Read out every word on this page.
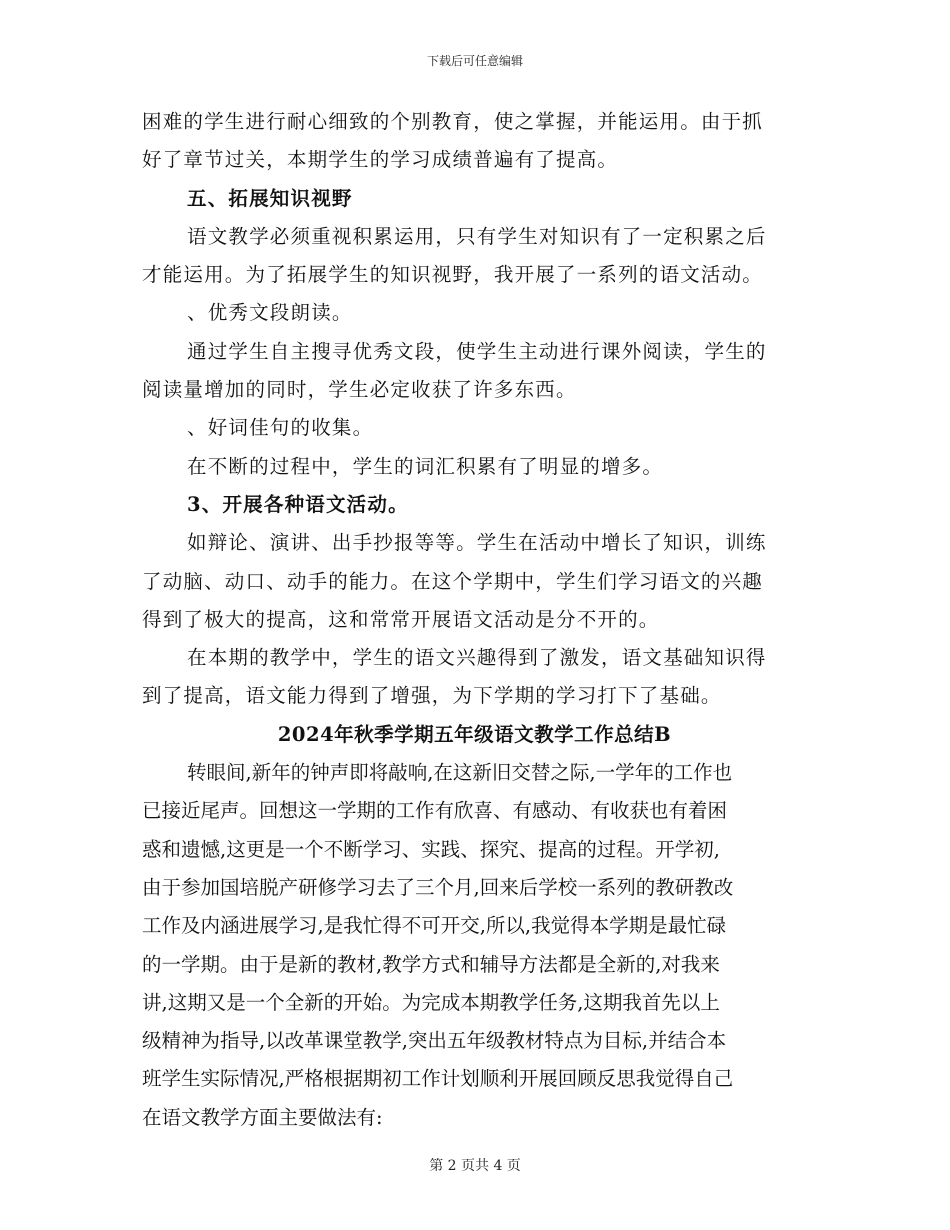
下载后可任意编辑
困难的学生进行耐心细致的个别教育，使之掌握，并能运用。由于抓
好了章节过关，本期学生的学习成绩普遍有了提高。
五、拓展知识视野
语文教学必须重视积累运用，只有学生对知识有了一定积累之后
才能运用。为了拓展学生的知识视野，我开展了一系列的语文活动。
、优秀文段朗读。
通过学生自主搜寻优秀文段，使学生主动进行课外阅读，学生的
阅读量增加的同时，学生必定收获了许多东西。
、好词佳句的收集。
在不断的过程中，学生的词汇积累有了明显的增多。
3、开展各种语文活动。
如辩论、演讲、出手抄报等等。学生在活动中增长了知识，训练
了动脑、动口、动手的能力。在这个学期中，学生们学习语文的兴趣
得到了极大的提高，这和常常开展语文活动是分不开的。
在本期的教学中，学生的语文兴趣得到了激发，语文基础知识得
到了提高，语文能力得到了增强，为下学期的学习打下了基础。
2024年秋季学期五年级语文教学工作总结B
转眼间,新年的钟声即将敲响,在这新旧交替之际,一学年的工作也
已接近尾声。回想这一学期的工作有欣喜、有感动、有收获也有着困
惑和遗憾,这更是一个不断学习、实践、探究、提高的过程。开学初,
由于参加国培脱产研修学习去了三个月,回来后学校一系列的教研教改
工作及内涵进展学习,是我忙得不可开交,所以,我觉得本学期是最忙碌
的一学期。由于是新的教材,教学方式和辅导方法都是全新的,对我来
讲,这期又是一个全新的开始。为完成本期教学任务,这期我首先以上
级精神为指导,以改革课堂教学,突出五年级教材特点为目标,并结合本
班学生实际情况,严格根据期初工作计划顺利开展回顾反思我觉得自己
在语文教学方面主要做法有:
第 2 页共 4 页
